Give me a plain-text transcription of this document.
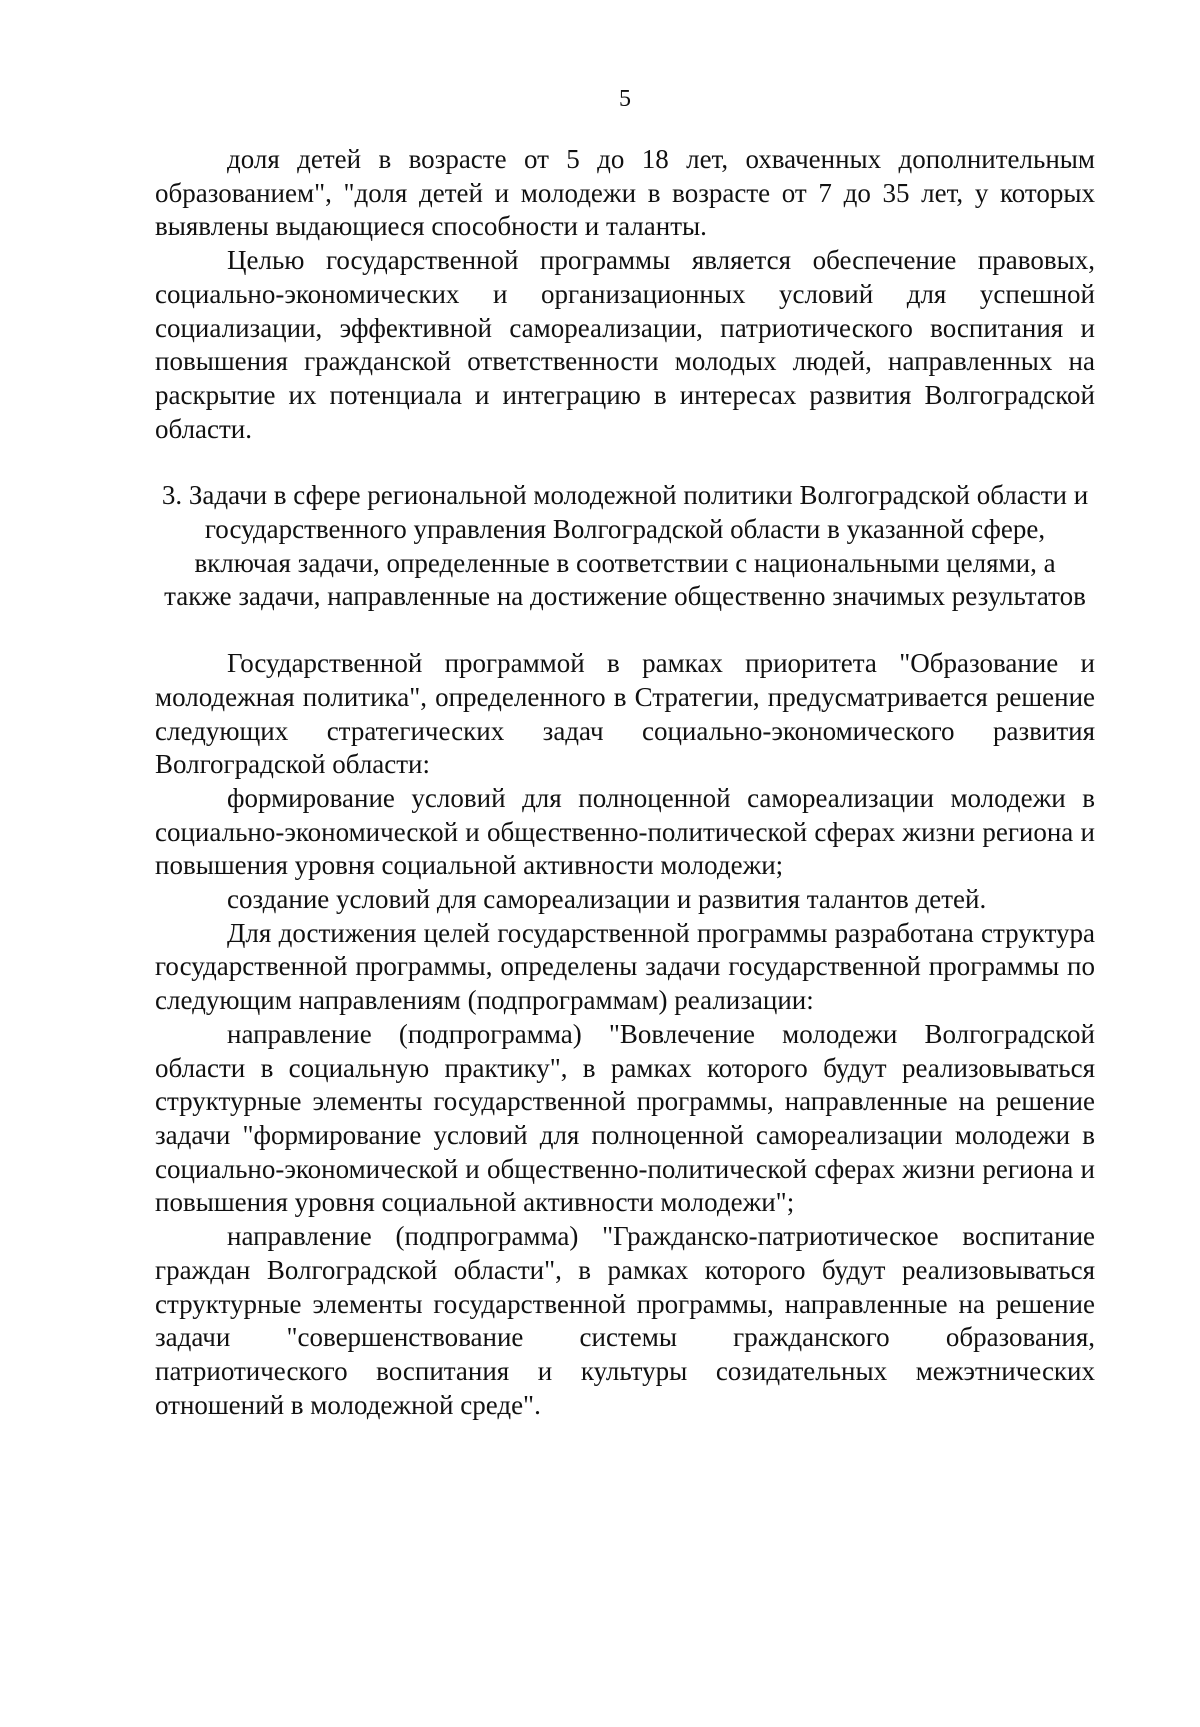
5

доля детей в возрасте от 5 до 18 лет, охваченных дополнительным образованием", "доля детей и молодежи в возрасте от 7 до 35 лет, у которых выявлены выдающиеся способности и таланты.

Целью государственной программы является обеспечение правовых, социально-экономических и организационных условий для успешной социализации, эффективной самореализации, патриотического воспитания и повышения гражданской ответственности молодых людей, направленных на раскрытие их потенциала и интеграцию в интересах развития Волгоградской области.

3. Задачи в сфере региональной молодежной политики Волгоградской области и государственного управления Волгоградской области в указанной сфере, включая задачи, определенные в соответствии с национальными целями, а также задачи, направленные на достижение общественно значимых результатов

Государственной программой в рамках приоритета "Образование и молодежная политика", определенного в Стратегии, предусматривается решение следующих стратегических задач социально-экономического развития Волгоградской области:

формирование условий для полноценной самореализации молодежи в социально-экономической и общественно-политической сферах жизни региона и повышения уровня социальной активности молодежи;

создание условий для самореализации и развития талантов детей.

Для достижения целей государственной программы разработана структура государственной программы, определены задачи государственной программы по следующим направлениям (подпрограммам) реализации:

направление (подпрограмма) "Вовлечение молодежи Волгоградской области в социальную практику", в рамках которого будут реализовываться структурные элементы государственной программы, направленные на решение задачи "формирование условий для полноценной самореализации молодежи в социально-экономической и общественно-политической сферах жизни региона и повышения уровня социальной активности молодежи";

направление (подпрограмма) "Гражданско-патриотическое воспитание граждан Волгоградской области", в рамках которого будут реализовываться структурные элементы государственной программы, направленные на решение задачи "совершенствование системы гражданского образования, патриотического воспитания и культуры созидательных межэтнических отношений в молодежной среде".
